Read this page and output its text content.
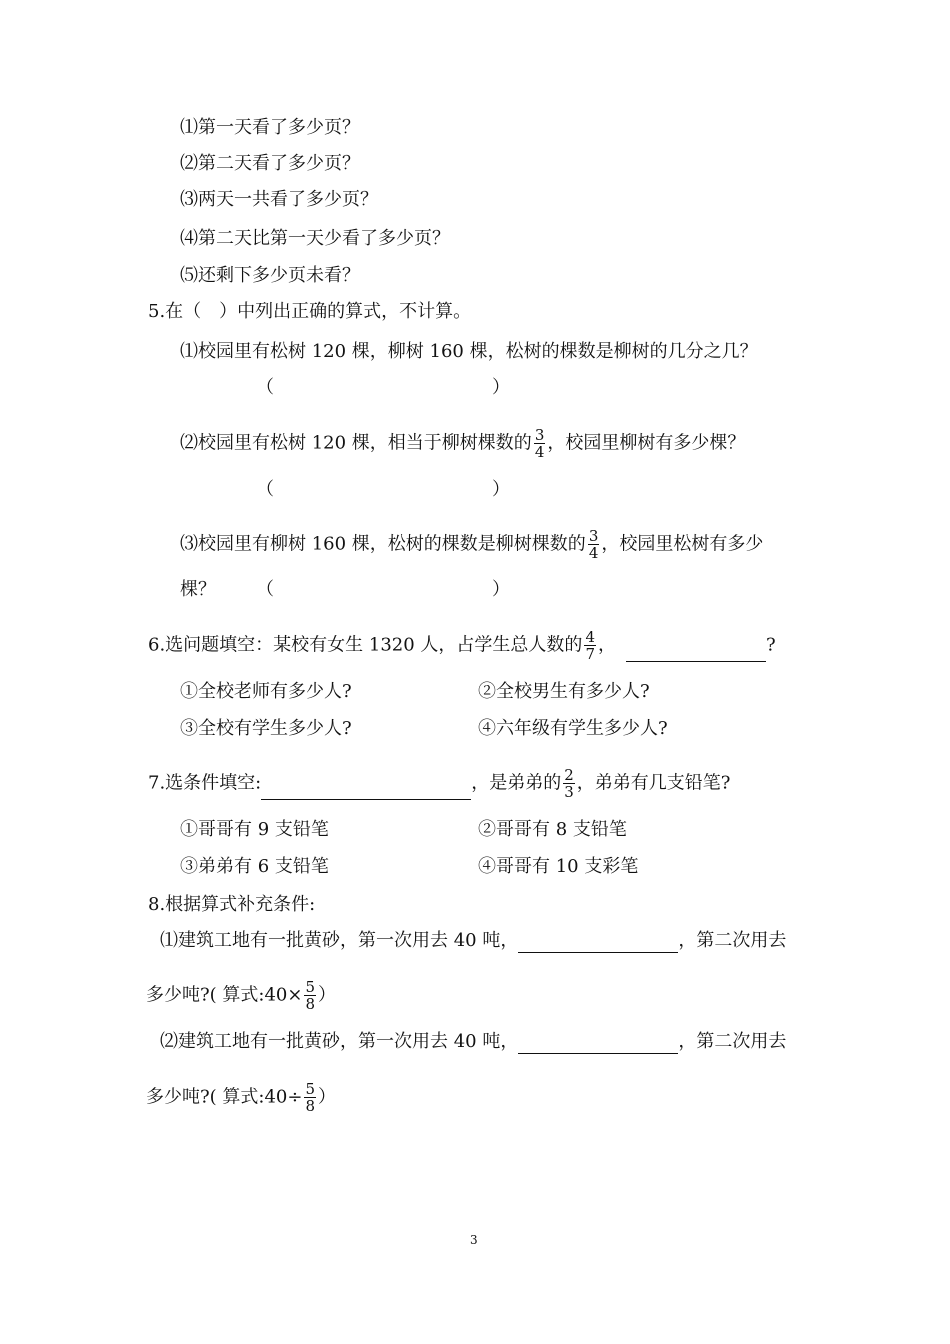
⑴第一天看了多少页？
⑵第二天看了多少页？
⑶两天一共看了多少页？
⑷第二天比第一天少看了多少页？
⑸还剩下多少页未看？
5.在（　）中列出正确的算式，不计算。
⑴校园里有松树 120 棵，柳树 160 棵，松树的棵数是柳树的几分之几？
（	）
⑵校园里有松树 120 棵，相当于柳树棵数的 $\frac{3}{4}$ ，校园里柳树有多少棵？
（	）
⑶校园里有柳树 160 棵，松树的棵数是柳树棵数的 $\frac{3}{4}$ ，校园里松树有多少
棵？ （	）
6.选问题填空：某校有女生 1320 人，占学生总人数的 $\frac{4}{7}$ ，	?
①全校老师有多少人?	②全校男生有多少人?
③全校有学生多少人?	④六年级有学生多少人?
7.选条件填空:	，是弟弟的 $\frac{2}{3}$ ，弟弟有几支铅笔?
①哥哥有 9 支铅笔	②哥哥有 8 支铅笔
③弟弟有 6 支铅笔	④哥哥有 10 支彩笔
8.根据算式补充条件:
⑴建筑工地有一批黄砂，第一次用去 40 吨，	，第二次用去
多少吨?( 算式:40× $\frac{5}{8}$ ）
⑵建筑工地有一批黄砂，第一次用去 40 吨，	，第二次用去
多少吨?( 算式:40÷ $\frac{5}{8}$ ）
3
